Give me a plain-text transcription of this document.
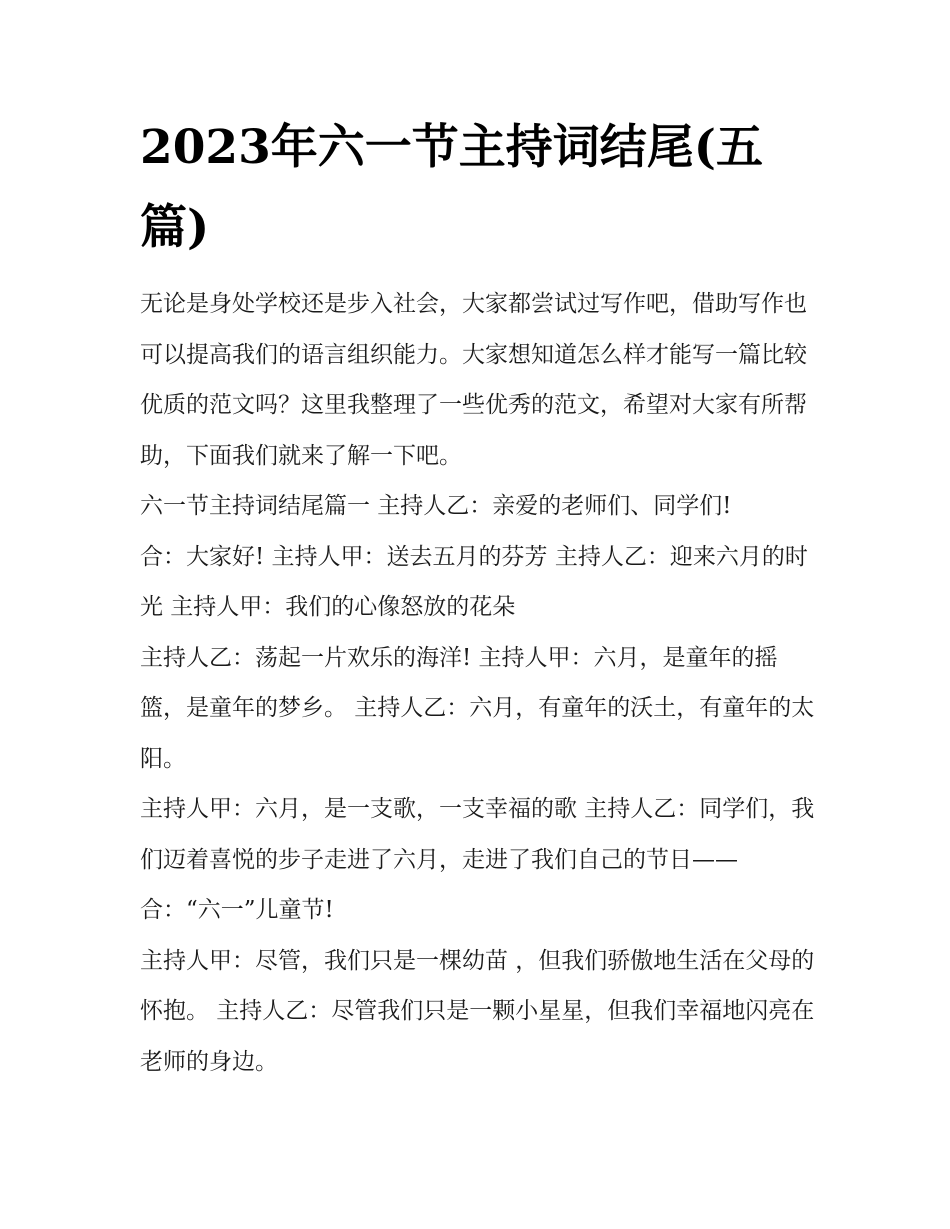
2023年六一节主持词结尾(五篇)

无论是身处学校还是步入社会，大家都尝试过写作吧，借助写作也可以提高我们的语言组织能力。大家想知道怎么样才能写一篇比较优质的范文吗？这里我整理了一些优秀的范文，希望对大家有所帮助，下面我们就来了解一下吧。

六一节主持词结尾篇一 主持人乙：亲爱的老师们、同学们!

合：大家好! 主持人甲：送去五月的芬芳 主持人乙：迎来六月的时光 主持人甲：我们的心像怒放的花朵

主持人乙：荡起一片欢乐的海洋! 主持人甲：六月，是童年的摇篮，是童年的梦乡。 主持人乙：六月，有童年的沃土，有童年的太阳。

主持人甲：六月，是一支歌，一支幸福的歌 主持人乙：同学们，我们迈着喜悦的步子走进了六月，走进了我们自己的节日—— 合：“六一”儿童节!

主持人甲：尽管，我们只是一棵幼苗 ，但我们骄傲地生活在父母的怀抱。 主持人乙：尽管我们只是一颗小星星，但我们幸福地闪亮在老师的身边。
